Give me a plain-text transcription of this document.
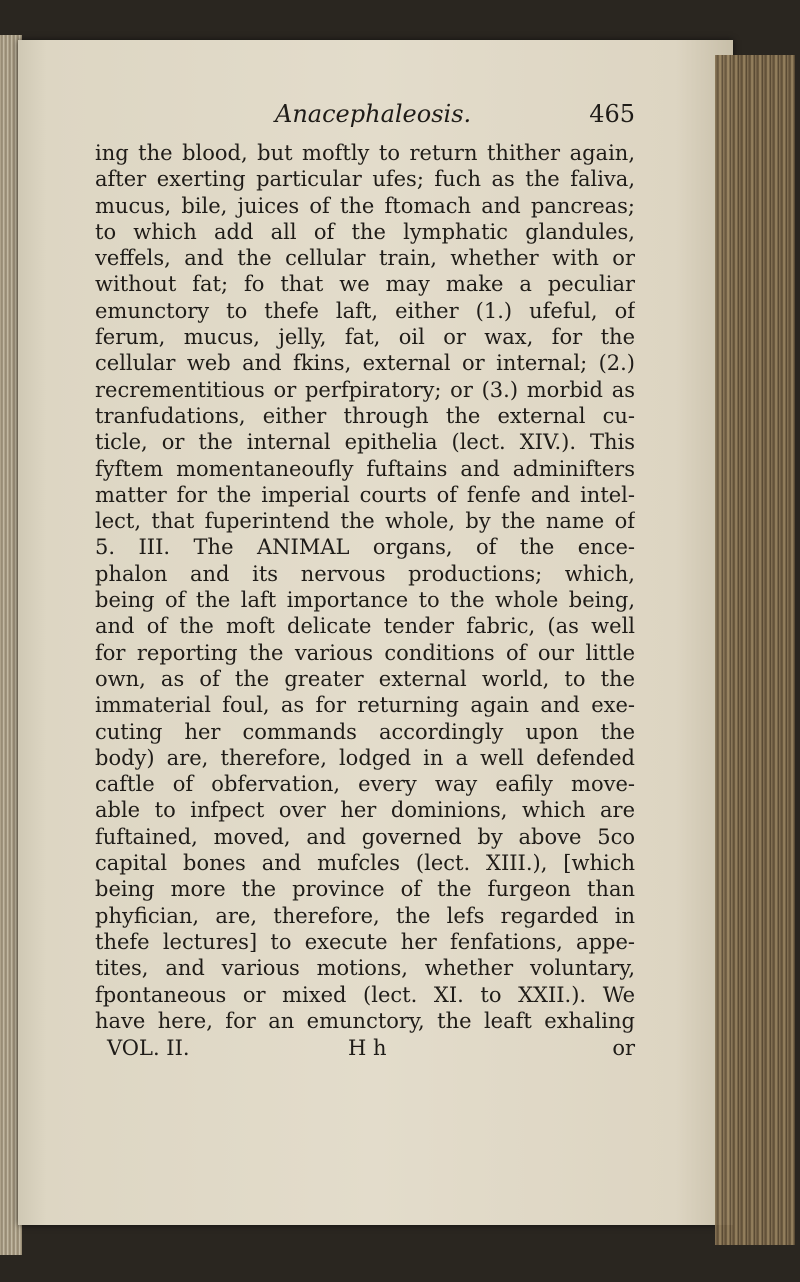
Anacephaleosis.	465
ing the blood, but moftly to return thither again,
after exerting particular ufes; fuch as the faliva,
mucus, bile, juices of the ftomach and pancreas;
to which add all of the lymphatic glandules,
veffels, and the cellular train, whether with or
without fat; fo that we may make a peculiar
emunctory to thefe laft, either (1.) ufeful, of
ferum, mucus, jelly, fat, oil or wax, for the
cellular web and fkins, external or internal; (2.)
recrementitious or perfpiratory; or (3.) morbid as
tranfudations, either through the external cu-
ticle, or the internal epithelia (lect. XIV.). This
fyftem momentaneoufly fuftains and adminifters
matter for the imperial courts of fenfe and intel-
lect, that fuperintend the whole, by the name of
5. III. The ANIMAL organs, of the ence-
phalon and its nervous productions; which,
being of the laft importance to the whole being,
and of the moft delicate tender fabric, (as well
for reporting the various conditions of our little
own, as of the greater external world, to the
immaterial foul, as for returning again and exe-
cuting her commands accordingly upon the
body) are, therefore, lodged in a well defended
caftle of obfervation, every way eafily move-
able to infpect over her dominions, which are
fuftained, moved, and governed by above 5co
capital bones and mufcles (lect. XIII.), [which
being more the province of the furgeon than
phyfician, are, therefore, the lefs regarded in
thefe lectures] to execute her fenfations, appe-
tites, and various motions, whether voluntary,
fpontaneous or mixed (lect. XI. to XXII.). We
have here, for an emunctory, the leaft exhaling
VOL. II.	H h	or
